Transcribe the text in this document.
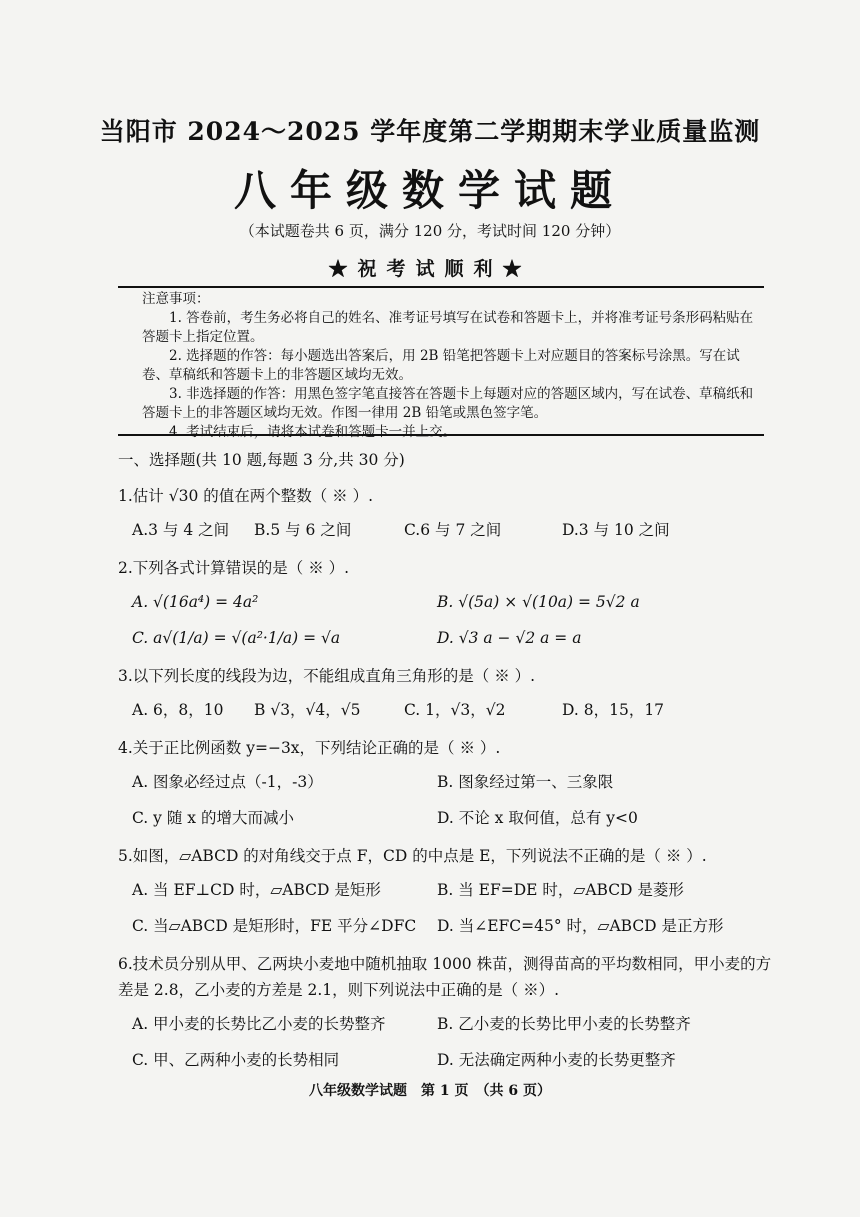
当阳市 2024～2025 学年度第二学期期末学业质量监测
八年级数学试题
（本试题卷共 6 页，满分 120 分，考试时间 120 分钟）
★祝考试顺利★

注意事项：

1. 答卷前，考生务必将自己的姓名、准考证号填写在试卷和答题卡上，并将准考证号条形码粘贴在答题卡上指定位置。

2. 选择题的作答：每小题选出答案后，用 2B 铅笔把答题卡上对应题目的答案标号涂黑。写在试卷、草稿纸和答题卡上的非答题区域均无效。

3. 非选择题的作答：用黑色签字笔直接答在答题卡上每题对应的答题区域内，写在试卷、草稿纸和答题卡上的非答题区域均无效。作图一律用 2B 铅笔或黑色签字笔。

4. 考试结束后，请将本试卷和答题卡一并上交。

一、选择题(共 10 题,每题 3 分,共 30 分)
1.估计 √30 的值在两个整数（ ※ ）.
A.3 与 4 之间	B.5 与 6 之间	C.6 与 7 之间	D.3 与 10 之间
2.下列各式计算错误的是（ ※ ）.
A. √(16a⁴) = 4a²	B. √(5a) × √(10a) = 5√2 a
C. a√(1/a) = √(a²·1/a) = √a	D. √3 a − √2 a = a
3.以下列长度的线段为边，不能组成直角三角形的是（ ※ ）.
A. 6，8，10	B √3，√4，√5	C. 1，√3，√2	D. 8，15，17
4.关于正比例函数 y=−3x，下列结论正确的是（ ※ ）.
A. 图象必经过点（-1，-3）	B. 图象经过第一、三象限
C. y 随 x 的增大而减小	D. 不论 x 取何值，总有 y<0
5.如图，▱ABCD 的对角线交于点 F，CD 的中点是 E，下列说法不正确的是（ ※ ）.
A. 当 EF⊥CD 时，▱ABCD 是矩形	B. 当 EF=DE 时，▱ABCD 是菱形
C. 当▱ABCD 是矩形时，FE 平分∠DFC	D. 当∠EFC=45° 时，▱ABCD 是正方形
6.技术员分别从甲、乙两块小麦地中随机抽取 1000 株苗，测得苗高的平均数相同，甲小麦的方差是 2.8，乙小麦的方差是 2.1，则下列说法中正确的是（ ※）.
A. 甲小麦的长势比乙小麦的长势整齐	B. 乙小麦的长势比甲小麦的长势整齐
C. 甲、乙两种小麦的长势相同	D. 无法确定两种小麦的长势更整齐
八年级数学试题　第 1 页　（共 6 页）
